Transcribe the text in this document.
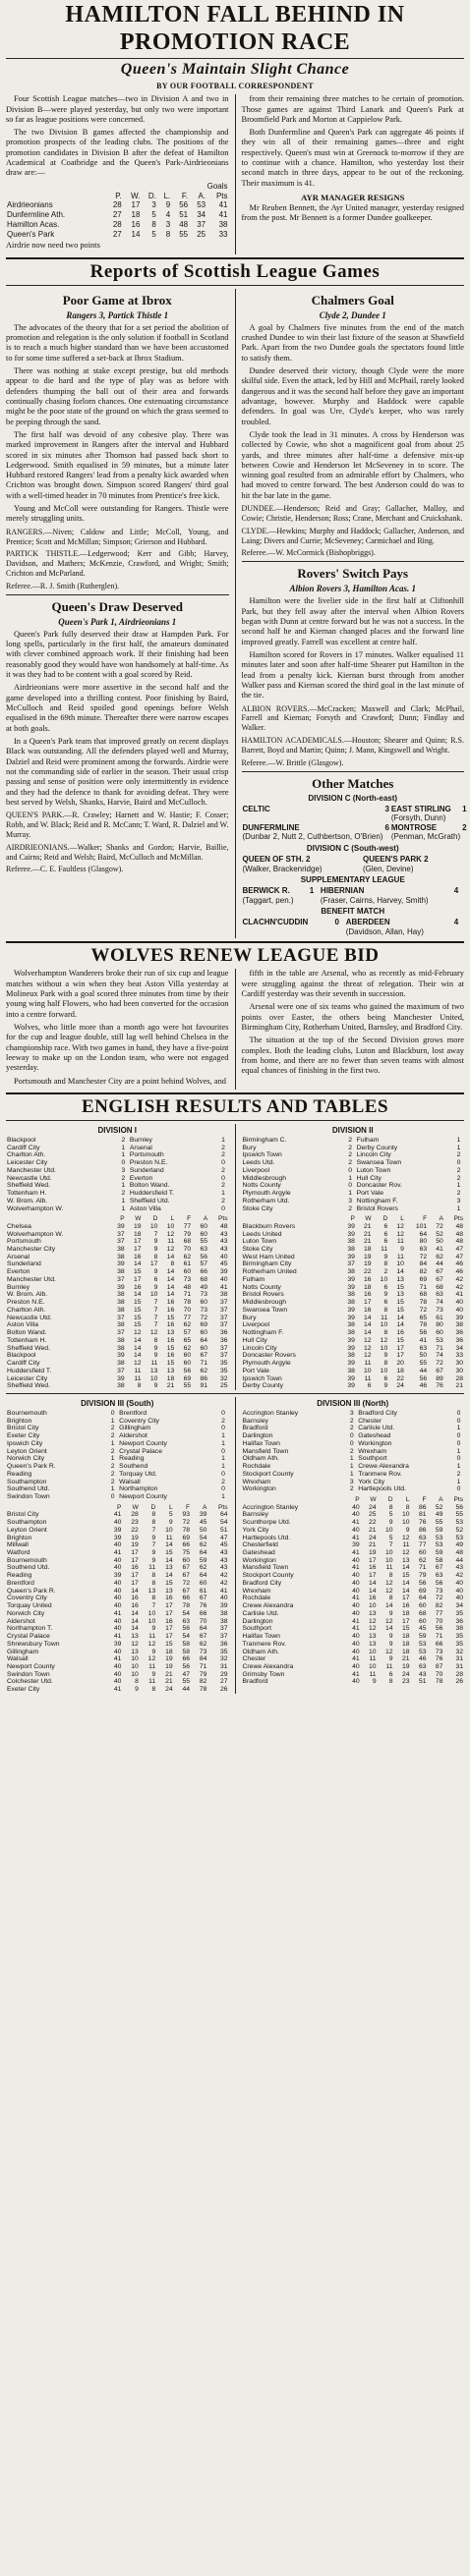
HAMILTON FALL BEHIND IN
PROMOTION RACE
Queen's Maintain Slight Chance
BY OUR FOOTBALL CORRESPONDENT

Four Scottish League matches—two in Division A and two in Division B—were played yesterday, but only two were important so far as league positions were concerned.

The two Division B games affected the championship and promotion prospects of the leading clubs. The positions of the promotion candidates in Division B after the defeat of Hamilton Academical at Coatbridge and the Queen's Park-Airdrieonians draw are:—

						Goals	
	P.	W.	D.	L.	F.	A.	Pts
Airdrieonians	28	17	3	9	56	53	41
Dunfermline Ath.	27	18	5	4	51	34	41
Hamilton Acas.	28	16	8	3	48	37	38
Queen's Park	27	14	5	8	55	25	33

Airdrie now need two points

from their remaining three matches to be certain of promotion. Those games are against Third Lanark and Queen's Park at Broomfield Park and Morton at Cappielow Park.

Both Dunfermline and Queen's Park can aggregate 46 points if they win all of their remaining games—three and eight respectively. Queen's must win at Greenock to-morrow if they are to continue with a chance. Hamilton, who yesterday lost their second match in three days, appear to be out of the reckoning. Their maximum is 41.

AYR MANAGER RESIGNS

Mr Reuben Bennett, the Ayr United manager, yesterday resigned from the post. Mr Bennett is a former Dundee goalkeeper.

Reports of Scottish League Games
Poor Game at Ibrox
Rangers 3, Partick Thistle 1

The advocates of the theory that for a set period the abolition of promotion and relegation is the only solution if football in Scotland is to reach a much higher standard than we have been accustomed to for some time suffered a set-back at Ibrox Stadium.

There was nothing at stake except prestige, but old methods appear to die hard and the type of play was as before with defenders thumping the ball out of their area and forwards continually chasing forlorn chances. One extenuating circumstance might be the poor state of the ground on which the grass seemed to be peeping through the sand.

The first half was devoid of any cohesive play. There was marked improvement in Rangers after the interval and Hubbard scored in six minutes after Thomson had passed back short to Ledgerwood. Smith equalised in 59 minutes, but a minute later Hubbard restored Rangers' lead from a penalty kick awarded when Crichton was brought down. Simpson scored Rangers' third goal with a well-timed header in 70 minutes from Prentice's free kick.

Young and McColl were outstanding for Rangers. Thistle were merely struggling units.

RANGERS.—Niven; Caldow and Little; McColl, Young, and Prentice; Scott and McMillan; Simpson; Grierson and Hubbard.

PARTICK THISTLE.—Ledgerwood; Kerr and Gibb; Harvey, Davidson, and Mathers; McKenzie, Crawford, and Wright; Smith; Crichton and McParland.

Referee.—R. J. Smith (Rutherglen).

Queen's Draw Deserved
Queen's Park 1, Airdrieonians 1

Queen's Park fully deserved their draw at Hampden Park. For long spells, particularly in the first half, the amateurs dominated with clever combined approach work. If their finishing had been reasonably good they would have won handsomely at half-time. As it was they had to be content with a goal scored by Reid.

Airdrieonians were more assertive in the second half and the game developed into a thrilling contest. Poor finishing by Baird, McCulloch and Reid spoiled good openings before Welsh equalised in the 69th minute. Thereafter there were narrow escapes at both goals.

In a Queen's Park team that improved greatly on recent displays Black was outstanding. All the defenders played well and Murray, Dalziel and Reid were prominent among the forwards. Airdrie were not the commanding side of earlier in the season. Their usual crisp passing and sense of position were only intermittently in evidence and they had the defence to thank for avoiding defeat. They were best served by Welsh, Shanks, Harvie, Baird and McCulloch.

QUEEN'S PARK.—R. Crawley; Harnett and W. Hastie; F. Cosser; Robb, and W. Black; Reid and R. McCann; T. Ward, R. Dalziel and W. Murray.

AIRDRIEONIANS.—Walker; Shanks and Gordon; Harvie, Baillie, and Cairns; Reid and Welsh; Baird, McCulloch and McMillan.

Referee.—C. E. Faultless (Glasgow).

Chalmers Goal
Clyde 2, Dundee 1

A goal by Chalmers five minutes from the end of the match crushed Dundee to win their last fixture of the season at Shawfield Park. Apart from the two Dundee goals the spectators found little to satisfy them.

Dundee deserved their victory, though Clyde were the more skilful side. Even the attack, led by Hill and McPhail, rarely looked dangerous and it was the second half before they gave an important advantage, however. Murphy and Haddock were capable defenders. In goal was Ure, Clyde's keeper, who was rarely troubled.

Clyde took the lead in 31 minutes. A cross by Henderson was collected by Cowie, who shot a magnificent goal from about 25 yards, and three minutes after half-time a defensive mix-up between Cowie and Henderson let McSeveney in to score. The winning goal resulted from an admirable effort by Chalmers, who had moved to centre forward. The best Anderson could do was to hit the bar late in the game.

DUNDEE.—Henderson; Reid and Gray; Gallacher, Malloy, and Cowie; Christie, Henderson; Ross; Crane, Merchant and Cruickshank.

CLYDE.—Hewkins; Murphy and Haddock; Gallacher, Anderson, and Laing; Divers and Currie; McSeveney; Carmichael and Ring.

Referee.—W. McCormick (Bishopbriggs).

Rovers' Switch Pays
Albion Rovers 3, Hamilton Acas. 1

Hamilton were the livelier side in the first half at Cliftonhill Park, but they fell away after the interval when Albion Rovers began with Dunn at centre forward but he was not a success. In the second half he and Kiernan changed places and the forward line improved greatly. Farrell was excellent at centre half.

Hamilton scored for Rovers in 17 minutes. Walker equalised 11 minutes later and soon after half-time Shearer put Hamilton in the lead from a penalty kick. Kiernan burst through from another Walker pass and Kiernan scored the third goal in the last minute of the tie.

ALBION ROVERS.—McCracken; Maxwell and Clark; McPhail, Farrell and Kiernan; Forsyth and Crawford; Dunn; Findlay and Walker.

HAMILTON ACADEMICALS.—Houston; Shearer and Quinn; R.S. Barrett, Boyd and Martin; Quinn; J. Mann, Kingswell and Wright.

Referee.—W. Brittle (Glasgow).

Other Matches
DIVISION C (North-east)
CELTIC	3	EAST STIRLING	1
		(Forsyth, Dunn)	
DUNFERMLINE	6	MONTROSE	2
(Dunbar 2, Nutt 2, Cuthbertson, O'Brien)		(Penman, McGrath)	
DIVISION C (South-west)
QUEEN OF STH. 2		QUEEN'S PARK 2	
(Walker, Brackenridge)		(Glen, Devine)	
SUPPLEMENTARY LEAGUE
BERWICK R.	1	HIBERNIAN	4
(Taggart, pen.)		(Fraser, Cairns, Harvey, Smith)	
BENEFIT MATCH
CLACHN'CUDDIN	0	ABERDEEN	4
		(Davidson, Allan, Hay)	
WOLVES RENEW LEAGUE BID

Wolverhampton Wanderers broke their run of six cup and league matches without a win when they beat Aston Villa yesterday at Molineux Park with a goal scored three minutes from time by their young wing half Flowers, who had been converted for the occasion into a centre forward.

Wolves, who little more than a month ago were hot favourites for the cup and league double, still lag well behind Chelsea in the championship race. With two games in hand, they have a five-point leeway to make up on the London team, who were not engaged yesterday.

Portsmouth and Manchester City are a point behind Wolves, and

fifth in the table are Arsenal, who as recently as mid-February were struggling against the threat of relegation. Their win at Cardiff yesterday was their seventh in succession.

Arsenal were one of six teams who gained the maximum of two points over Easter, the others being Manchester United, Birmingham City, Rotherham United, Barnsley, and Bradford City.

The situation at the top of the Second Division grows more complex. Both the leading clubs, Luton and Blackburn, lost away from home, and there are no fewer than seven teams with almost equal chances of finishing in the first two.

ENGLISH RESULTS AND TABLES
DIVISION I
Blackpool	2	Burnley	1
Cardiff City	1	Arsenal	2
Charlton Ath.	1	Portsmouth	2
Leicester City	0	Preston N.E.	0
Manchester Utd.	3	Sunderland	2
Newcastle Utd.	2	Everton	0
Sheffield Wed.	1	Bolton Wand.	2
Tottenham H.	2	Huddersfield T.	1
W. Brom. Alb.	1	Sheffield Utd.	2
Wolverhampton W.	1	Aston Villa	0
	P	W	D	L	F	A	Pts
Chelsea	39	19	10	10	77	60	48
Wolverhampton W.	37	18	7	12	79	60	43
Portsmouth	37	17	9	11	68	55	43
Manchester City	38	17	9	12	70	63	43
Arsenal	38	16	8	14	62	56	40
Sunderland	39	14	17	8	61	57	45
Everton	38	15	9	14	60	66	39
Manchester Utd.	37	17	6	14	73	68	40
Burnley	39	16	9	14	48	49	41
W. Brom. Alb.	38	14	10	14	71	73	38
Preston N.E.	38	15	7	16	78	60	37
Charlton Ath.	38	15	7	16	70	73	37
Newcastle Utd.	37	15	7	15	77	72	37
Aston Villa	38	15	7	16	62	69	37
Bolton Wand.	37	12	12	13	57	60	36
Tottenham H.	38	14	8	16	65	64	36
Sheffield Wed.	38	14	9	15	62	60	37
Blackpool	39	14	9	16	60	67	37
Cardiff City	38	12	11	15	60	71	35
Huddersfield T.	37	11	13	13	56	62	35
Leicester City	39	11	10	18	69	86	32
Sheffield Wed.	38	8	9	21	55	91	25
DIVISION II
Birmingham C.	2	Fulham	1
Bury	2	Derby County	1
Ipswich Town	2	Lincoln City	2
Leeds Utd.	2	Swansea Town	0
Liverpool	0	Luton Town	2
Middlesbrough	1	Hull City	2
Notts County	0	Doncaster Rov.	1
Plymouth Argyle	1	Port Vale	2
Rotherham Utd.	3	Nottingham F.	3
Stoke City	2	Bristol Rovers	1
	P	W	D	L	F	A	Pts
Blackburn Rovers	39	21	6	12	101	72	48
Leeds United	39	21	6	12	64	52	48
Luton Town	38	21	6	11	80	50	48
Stoke City	38	18	11	9	63	41	47
West Ham United	39	19	9	11	72	62	47
Birmingham City	37	19	8	10	84	44	46
Rotherham United	38	22	2	14	82	67	46
Fulham	39	16	10	13	69	67	42
Notts County	39	18	6	15	71	68	42
Bristol Rovers	38	16	9	13	68	63	41
Middlesbrough	38	17	6	15	78	74	40
Swansea Town	39	16	8	15	72	73	40
Bury	39	14	11	14	65	61	39
Liverpool	38	14	10	14	78	80	38
Nottingham F.	38	14	8	16	56	60	36
Hull City	39	12	12	15	41	53	36
Lincoln City	39	12	10	17	63	71	34
Doncaster Rovers	38	12	9	17	50	74	33
Plymouth Argyle	39	11	8	20	55	72	30
Port Vale	38	10	10	18	44	67	30
Ipswich Town	39	11	6	22	56	89	28
Derby County	39	6	9	24	46	76	21
DIVISION III (South)
Bournemouth	0	Brentford	0
Brighton	1	Coventry City	2
Bristol City	2	Gillingham	0
Exeter City	2	Aldershot	1
Ipswich City	1	Newport County	1
Leyton Orient	2	Crystal Palace	0
Norwich City	1	Reading	1
Queen's Park R.	2	Southend	1
Reading	2	Torquay Utd.	0
Southampton	2	Walsall	2
Southend Utd.	1	Northampton	0
Swindon Town	0	Newport County	1
	P	W	D	L	F	A	Pts
Bristol City	41	28	8	5	93	39	64
Southampton	40	23	8	9	72	45	54
Leyton Orient	39	22	7	10	78	50	51
Brighton	39	19	9	11	69	54	47
Millwall	40	19	7	14	66	62	45
Watford	41	17	9	15	75	64	43
Bournemouth	40	17	9	14	60	59	43
Southend Utd.	40	16	11	13	67	62	43
Reading	39	17	8	14	67	64	42
Brentford	40	17	8	15	72	60	42
Queen's Park R.	40	14	13	13	67	61	41
Coventry City	40	16	8	16	66	67	40
Torquay United	40	16	7	17	78	76	39
Norwich City	41	14	10	17	54	66	38
Aldershot	40	14	10	16	63	70	38
Northampton T.	40	14	9	17	56	64	37
Crystal Palace	41	13	11	17	54	67	37
Shrewsbury Town	39	12	12	15	58	62	36
Gillingham	40	13	9	18	58	73	35
Walsall	41	10	12	19	66	84	32
Newport County	40	10	11	19	56	71	31
Swindon Town	40	10	9	21	47	79	29
Colchester Utd.	40	8	11	21	55	82	27
Exeter City	41	9	8	24	44	78	26
DIVISION III (North)
Accrington Stanley	3	Bradford City	0
Barnsley	2	Chester	0
Bradford	2	Carlisle Utd.	1
Darlington	0	Gateshead	0
Halifax Town	0	Workington	0
Mansfield Town	2	Wrexham	1
Oldham Ath.	1	Southport	0
Rochdale	1	Crewe Alexandra	1
Stockport County	1	Tranmere Rov.	2
Wrexham	3	York City	1
Workington	2	Hartlepools Utd.	0
	P	W	D	L	F	A	Pts
Accrington Stanley	40	24	8	8	86	52	56
Barnsley	40	25	5	10	81	49	55
Scunthorpe Utd.	41	22	9	10	76	55	53
York City	40	21	10	9	86	59	52
Hartlepools Utd.	41	24	5	12	63	53	53
Chesterfield	39	21	7	11	77	53	49
Gateshead	41	19	10	12	60	59	48
Workington	40	17	10	13	62	58	44
Mansfield Town	41	16	11	14	71	67	43
Stockport County	40	17	8	15	79	63	42
Bradford City	40	14	12	14	56	56	40
Wrexham	40	14	12	14	69	73	40
Rochdale	41	16	8	17	64	72	40
Crewe Alexandra	40	10	14	16	60	82	34
Carlisle Utd.	40	13	9	18	68	77	35
Darlington	41	12	12	17	60	70	36
Southport	41	12	14	15	45	56	38
Halifax Town	40	13	9	18	59	71	35
Tranmere Rov.	40	13	9	18	53	66	35
Oldham Ath.	40	10	12	18	53	73	32
Chester	41	11	9	21	46	76	31
Crewe Alexandra	40	10	11	19	63	87	31
Grimsby Town	41	11	6	24	43	70	28
Bradford	40	9	8	23	51	78	26
